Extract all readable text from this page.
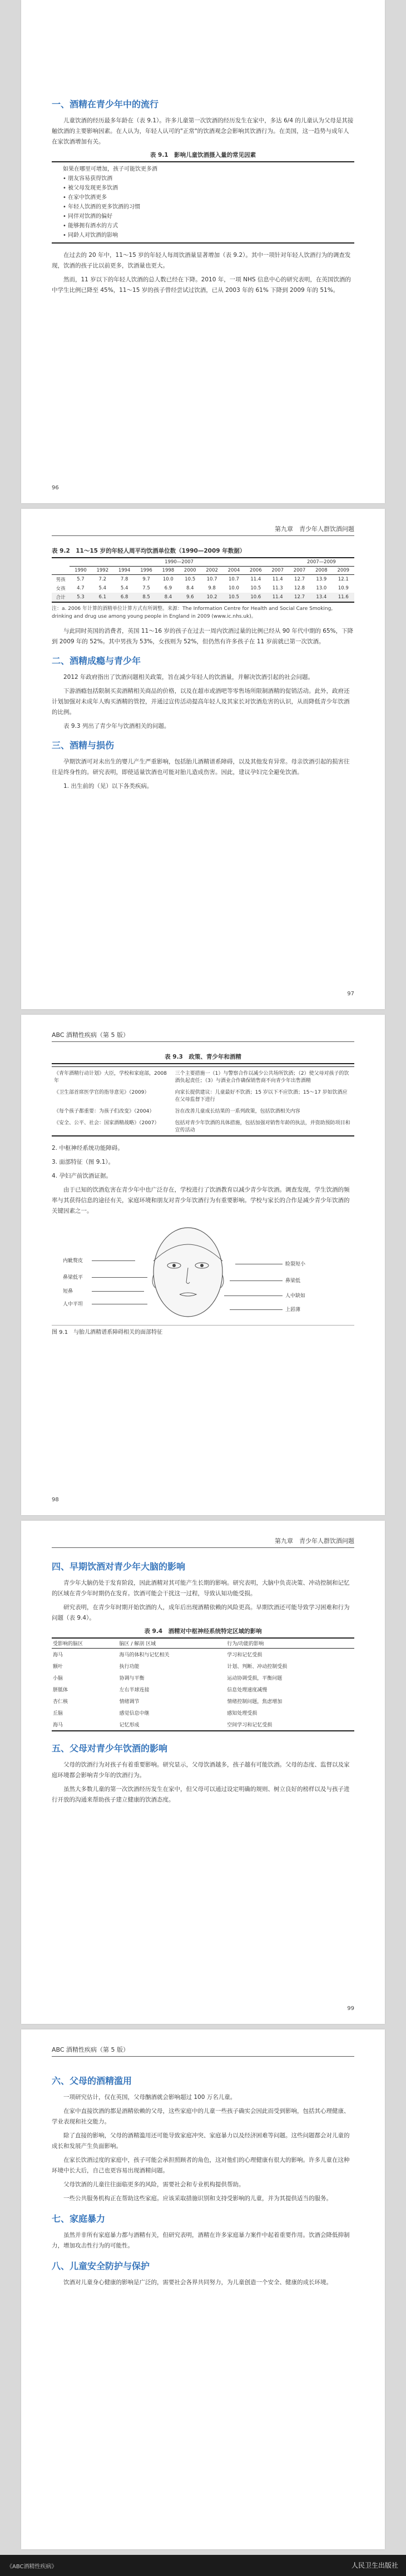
一、酒精在青少年中的流行

儿童饮酒的经历最多年龄在（表 9.1）。许多儿童第一次饮酒的经历发生在家中，多达 6/4 的儿童认为父母是其接触饮酒的主要影响因素。在人认为，年轻人认可的"正常"的饮酒观念会影响其饮酒行为。在美国，这一趋势与成年人在家饮酒增加有关。

表 9.1　影响儿童饮酒摄入量的常见因素
如果在哪里可增加，孩子可能饮更多酒
• 朋友容易获得饮酒
• 被父母发现更多饮酒
• 在家中饮酒更多
• 年轻人饮酒的更多饮酒的习惯
• 同伴对饮酒的偏好
• 能够拥有酒水的方式
• 同龄人对饮酒的影响

在过去的 20 年中，11～15 岁的年轻人每周饮酒量显著增加（表 9.2）。其中一项针对年轻人饮酒行为的调查发现，饮酒的孩子比以前更多，饮酒量也更大。

然而，11 岁以下的年轻人饮酒的总人数已经在下降。2010 年，一项 NHS 信息中心的研究表明，在英国饮酒的中学生比例已降至 45%，11～15 岁的孩子曾经尝试过饮酒，已从 2003 年的 61% 下降到 2009 年的 51%。

96
第九章　青少年人群饮酒问题
表 9.2　11～15 岁的年轻人周平均饮酒单位数（1990—2009 年数据）
	1990—2007										2007—2009		
	1990	1992	1994	1996	1998	2000	2002	2004	2006	2007	2007	2008	2009
男孩	5.7	7.2	7.8	9.7	10.0	10.5	10.7	10.7	11.4	11.4	12.7	13.9	12.1
女孩	4.7	5.4	5.4	7.5	6.9	8.4	9.8	10.0	10.5	11.3	12.8	13.0	10.9
合计	5.3	6.1	6.8	8.5	8.4	9.6	10.2	10.5	10.6	11.4	12.7	13.4	11.6
注：a. 2006 年计算的酒精单位计算方式有所调整。来源：The Information Centre for Health and Social Care Smoking, drinking and drug use among young people in England in 2009 (www.ic.nhs.uk)。

与此同时英国的消费者，英国 11～16 岁的孩子在过去一周内饮酒过量的比例已经从 90 年代中期的 65%，下降到 2009 年的 52%。其中男孩为 53%，女孩则为 52%，但仍然有许多孩子在 11 岁前就已第一次饮酒。

二、酒精成瘾与青少年

2012 年政府指出了饮酒问题相关政策，旨在减少年轻人的饮酒量，并解决饮酒引起的社会问题。

下游酒瘾包括限制买卖酒精相关商品的价格，以及在超市或酒吧等零售场所限制酒精的促销活动。此外，政府还计划加强对未成年人购买酒精的管控，并通过宣传活动提高年轻人及其家长对饮酒危害的认识，从而降低青少年饮酒的比例。

表 9.3 列出了青少年与饮酒相关的问题。

三、酒精与损伤

孕期饮酒可对未出生的婴儿产生严重影响，包括胎儿酒精谱系障碍，以及其他发育异常。母亲饮酒引起的损害往往是终身性的。研究表明，即使适量饮酒也可能对胎儿造成伤害。因此，建议孕妇完全避免饮酒。

1. 出生前的（见）以下各类疾病。

97
ABC 酒精性疾病（第 5 版）
表 9.3　政策、青少年和酒精

《青年酒精行动计划》大臣，学校和家庭部，2008 年	三个主要措施一（1）与警察合作以减少公共场所饮酒；（2）使父母对孩子的饮酒负起责任；（3）与酒业合作确保销售商不向青少年出售酒精
《卫生部首席医学官的指导意见》（2009）	向家长提供建议：儿童最好不饮酒；15 岁以下不应饮酒；15～17 岁如饮酒应在父母监督下进行
《每个孩子都重要：为孩子们改变》（2004）	旨在改善儿童成长结果的一系列政策，包括饮酒相关内容
《安全、公平、社会：国家酒精战略》（2007）	包括对青少年饮酒的具体措施，包括加强对销售年龄的执法，并资助预防项目和宣传活动

2. 中枢神经系统功能障碍。

3. 面部特征（图 9.1）。

4. 孕妇产前饮酒证据。

由于已知的饮酒危害在青少年中也广泛存在，学校进行了饮酒教育以减少青少年饮酒。调查发现，学生饮酒的频率与其获得信息的途径有关，家庭环境和朋友对青少年饮酒行为有重要影响。学校与家长的合作是减少青少年饮酒的关键因素之一。

内眦赘皮
鼻梁低平
短鼻
人中平坦
睑裂短小
鼻梁低
人中缺如
上唇薄
图 9.1　与胎儿酒精谱系障碍相关的面部特征
98
第九章　青少年人群饮酒问题
四、早期饮酒对青少年大脑的影响

青少年大脑仍处于发育阶段，因此酒精对其可能产生长期的影响。研究表明，大脑中负责决策、冲动控制和记忆的区域在青少年时期仍在发育。饮酒可能会干扰这一过程，导致认知功能受损。

研究表明，在青少年时期开始饮酒的人，成年后出现酒精依赖的风险更高。早期饮酒还可能导致学习困难和行为问题（表 9.4）。

表 9.4　酒精对中枢神经系统特定区域的影响
受影响的脑区	脑区 / 解剖 区域	行为/功能的影响
海马	海马的体积与记忆相关	学习和记忆受损
额叶	执行功能	计划、判断、冲动控制受损
小脑	协调与平衡	运动协调受损，平衡问题
胼胝体	左右半球连接	信息处理速度减慢
杏仁核	情绪调节	情绪控制问题，焦虑增加
丘脑	感觉信息中继	感知处理受损
海马	记忆形成	空间学习和记忆受损
五、父母对青少年饮酒的影响

父母的饮酒行为对孩子有着重要影响。研究显示，父母饮酒越多，孩子越有可能饮酒。父母的态度、监督以及家庭环境都会影响青少年的饮酒行为。

虽然大多数儿童的第一次饮酒经历发生在家中，但父母可以通过设定明确的规则、树立良好的榜样以及与孩子进行开放的沟通来帮助孩子建立健康的饮酒态度。

99
ABC 酒精性疾病（第 5 版）
六、父母的酒精滥用

一项研究估计，仅在英国，父母酗酒就会影响超过 100 万名儿童。

在家中直接饮酒的都是酒精依赖的父母，这些家庭中的儿童一些孩子确实会因此而受到影响，包括其心理健康、学业表现和社交能力。

除了直接的影响，父母的酒精滥用还可能导致家庭冲突、家庭暴力以及经济困难等问题。这些问题都会对儿童的成长和发展产生负面影响。

在家长饮酒过度的家庭中，孩子可能会承担照顾者的角色，这对他们的心理健康有很大的影响。许多儿童在这种环境中长大后，自己也更容易出现酒精问题。

父母饮酒的儿童往往面临更多的风险，需要社会和专业机构提供帮助。

一些公共服务机构正在帮助这些家庭。应该采取措施识别和支持受影响的儿童，并为其提供适当的服务。

七、家庭暴力

虽然并非所有家庭暴力都与酒精有关，但研究表明，酒精在许多家庭暴力案件中起着重要作用。饮酒会降低抑制力，增加攻击性行为的可能性。

八、儿童安全防护与保护

饮酒对儿童身心健康的影响是广泛的，需要社会各界共同努力，为儿童创造一个安全、健康的成长环境。

《ABC酒精性疾病》	人民卫生出版社
